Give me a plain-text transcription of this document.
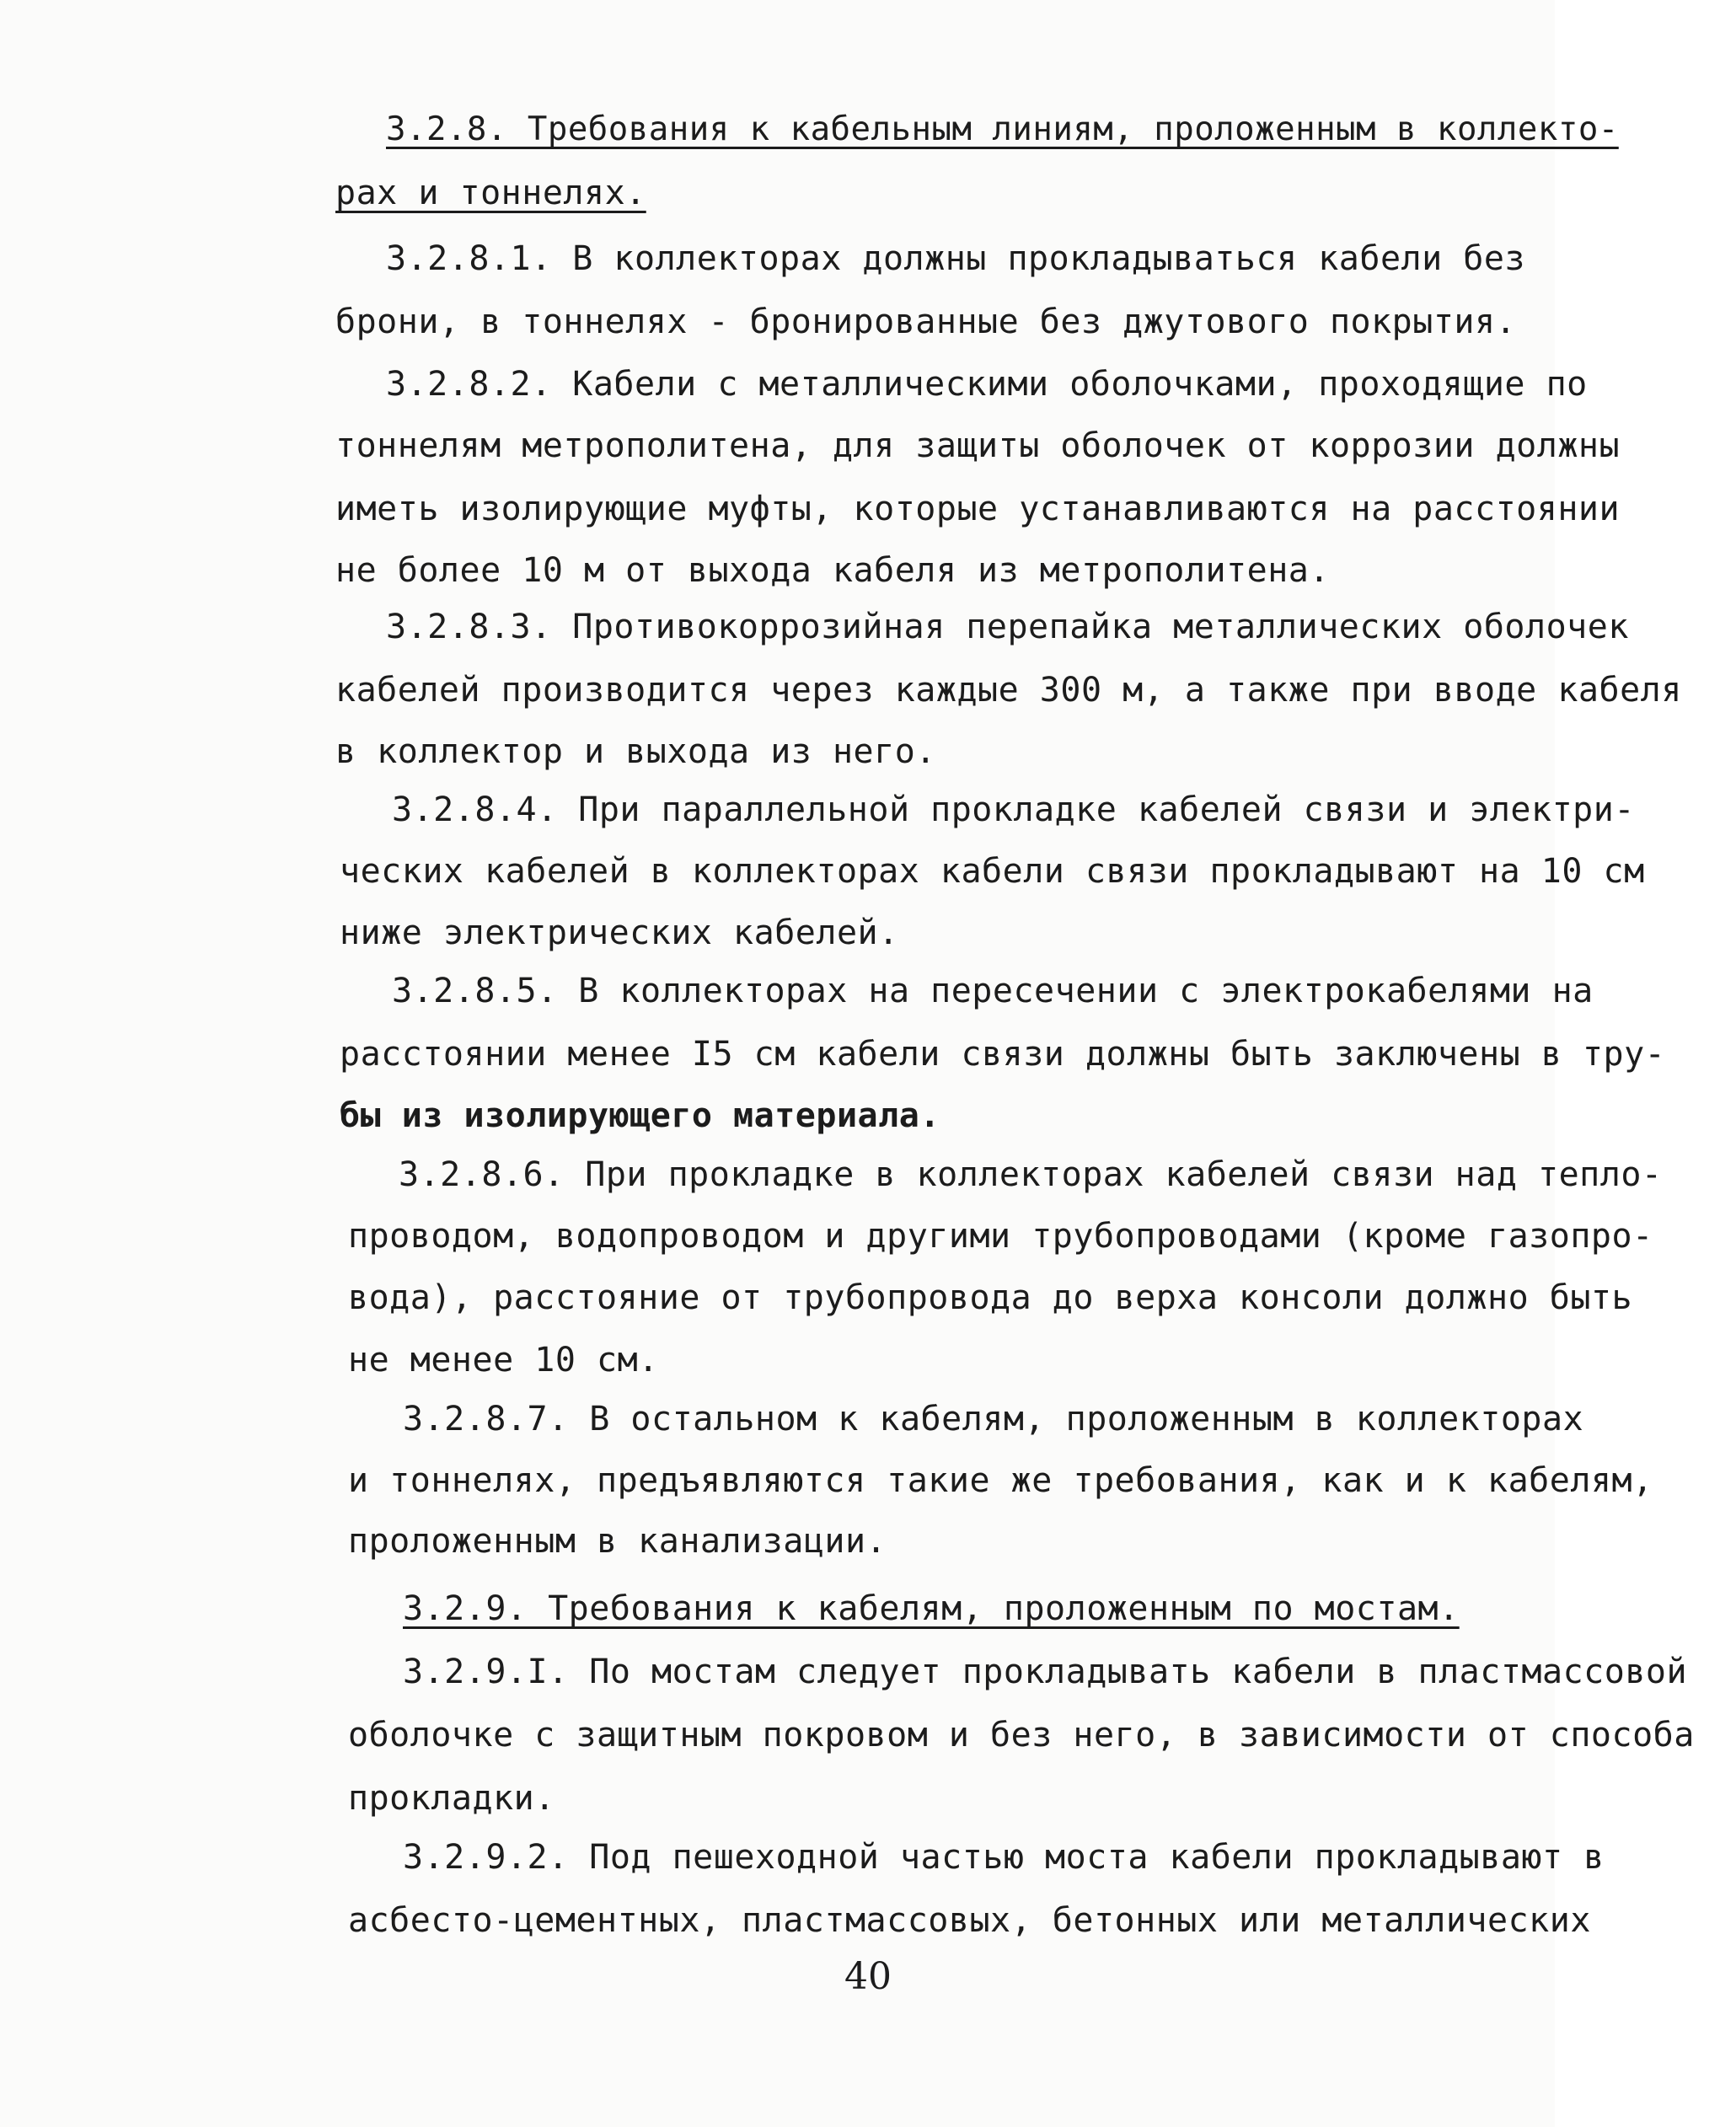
3.2.8. Требования к кабельным линиям, проложенным в коллекто-
рах и тоннелях.
3.2.8.1. В коллекторах должны прокладываться кабели без
брони, в тоннелях - бронированные без джутового покрытия.
3.2.8.2. Кабели с металлическими оболочками, проходящие по
тоннелям метрополитена, для защиты оболочек от коррозии должны
иметь изолирующие муфты, которые устанавливаются на расстоянии
не более 10 м от выхода кабеля из метрополитена.
3.2.8.3. Противокоррозийная перепайка металлических оболочек
кабелей производится через каждые 300 м, а также при вводе кабеля
в коллектор и выхода из него.
3.2.8.4. При параллельной прокладке кабелей связи и электри-
ческих кабелей в коллекторах кабели связи прокладывают на 10 см
ниже электрических кабелей.
3.2.8.5. В коллекторах на пересечении с электрокабелями на
расстоянии менее I5 см кабели связи должны быть заключены в тру-
бы из изолирующего материала.
3.2.8.6. При прокладке в коллекторах кабелей связи над тепло-
проводом, водопроводом и другими трубопроводами (кроме газопро-
вода), расстояние от трубопровода до верха консоли должно быть
не менее 10 см.
3.2.8.7. В остальном к кабелям, проложенным в коллекторах
и тоннелях, предъявляются такие же требования, как и к кабелям,
проложенным в канализации.
3.2.9. Требования к кабелям, проложенным по мостам.
3.2.9.I. По мостам следует прокладывать кабели в пластмассовой
оболочке с защитным покровом и без него, в зависимости от способа
прокладки.
3.2.9.2. Под пешеходной частью моста кабели прокладывают в
асбесто-цементных, пластмассовых, бетонных или металлических
40
